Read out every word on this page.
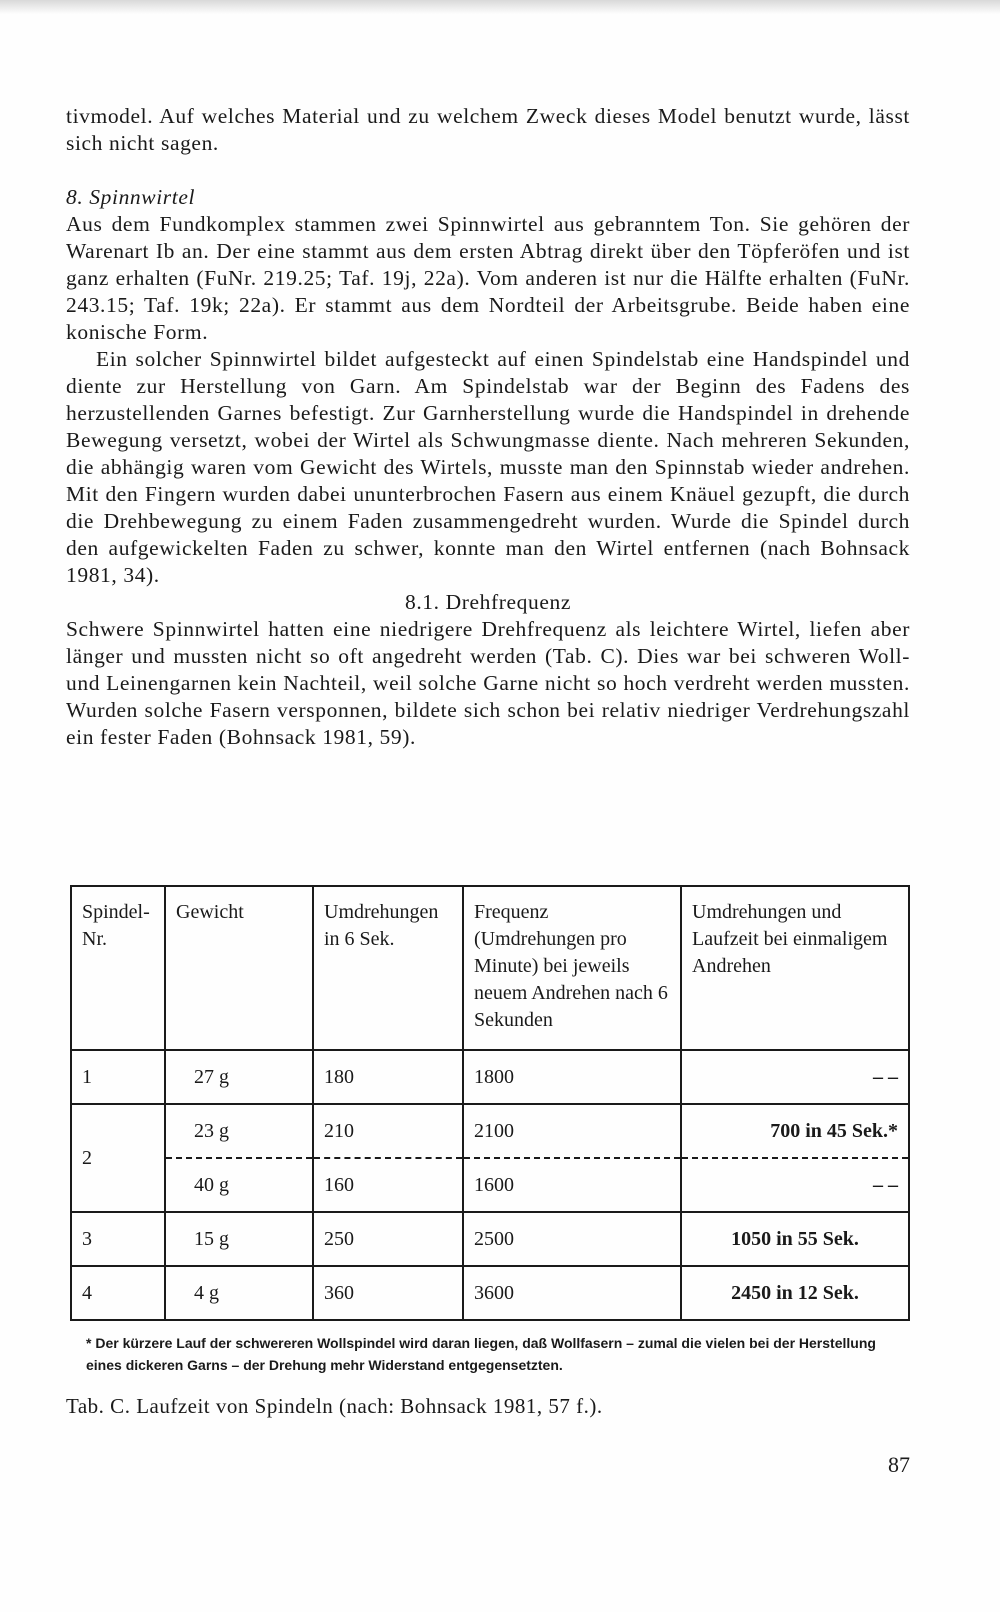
tivmodel. Auf welches Material und zu welchem Zweck dieses Model benutzt wurde, lässt sich nicht sagen.

8. Spinnwirtel

Aus dem Fundkomplex stammen zwei Spinnwirtel aus gebranntem Ton. Sie gehören der Warenart Ib an. Der eine stammt aus dem ersten Abtrag direkt über den Töpferöfen und ist ganz erhalten (FuNr. 219.25; Taf. 19j, 22a). Vom anderen ist nur die Hälfte erhalten (FuNr. 243.15; Taf. 19k; 22a). Er stammt aus dem Nordteil der Arbeitsgrube. Beide haben eine konische Form.

Ein solcher Spinnwirtel bildet aufgesteckt auf einen Spindelstab eine Handspindel und diente zur Herstellung von Garn. Am Spindelstab war der Beginn des Fadens des herzustellenden Garnes befestigt. Zur Garnherstellung wurde die Handspindel in drehende Bewegung versetzt, wobei der Wirtel als Schwungmasse diente. Nach mehreren Sekunden, die abhängig waren vom Gewicht des Wirtels, musste man den Spinnstab wieder andrehen. Mit den Fingern wurden dabei ununterbrochen Fasern aus einem Knäuel gezupft, die durch die Drehbewegung zu einem Faden zusammengedreht wurden. Wurde die Spindel durch den aufgewickelten Faden zu schwer, konnte man den Wirtel entfernen (nach Bohnsack 1981, 34).

8.1. Drehfrequenz

Schwere Spinnwirtel hatten eine niedrigere Drehfrequenz als leichtere Wirtel, liefen aber länger und mussten nicht so oft angedreht werden (Tab. C). Dies war bei schweren Woll- und Leinengarnen kein Nachteil, weil solche Garne nicht so hoch verdreht werden mussten. Wurden solche Fasern versponnen, bildete sich schon bei relativ niedriger Verdrehungszahl ein fester Faden (Bohnsack 1981, 59).

Spindel-Nr.	Gewicht	Umdrehungen in 6 Sek.	Frequenz (Umdrehungen pro Minute) bei jeweils neuem Andrehen nach 6 Sekunden	Umdrehungen und Laufzeit bei einmaligem Andrehen
1	27 g	180	1800	– –
2	23 g	210	2100	700 in 45 Sek.*
	40 g	160	1600	– –
3	15 g	250	2500	1050 in 55 Sek.
4	4 g	360	3600	2450 in 12 Sek.
* Der kürzere Lauf der schwereren Wollspindel wird daran liegen, daß Wollfasern – zumal die vielen bei der Herstellung eines dickeren Garns – der Drehung mehr Widerstand entgegensetzten.
Tab. C. Laufzeit von Spindeln (nach: Bohnsack 1981, 57 f.).
87
